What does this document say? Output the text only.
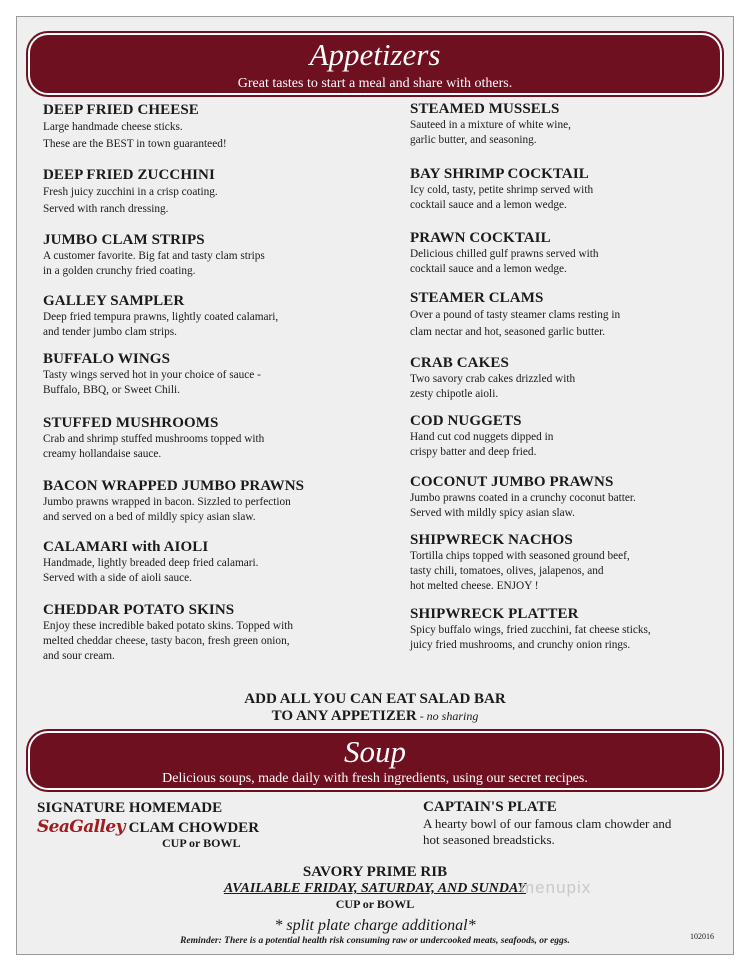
Appetizers
Great tastes to start a meal and share with others.
DEEP FRIED CHEESE
Large handmade cheese sticks.
These are the BEST in town guaranteed!
DEEP FRIED ZUCCHINI
Fresh juicy zucchini in a crisp coating.
Served with ranch dressing.
JUMBO CLAM STRIPS
A customer favorite. Big fat and tasty clam strips
in a golden crunchy fried coating.
GALLEY SAMPLER
Deep fried tempura prawns, lightly coated calamari,
and tender jumbo clam strips.
BUFFALO WINGS
Tasty wings served hot in your choice of sauce -
Buffalo, BBQ, or Sweet Chili.
STUFFED MUSHROOMS
Crab and shrimp stuffed mushrooms topped with
creamy hollandaise sauce.
BACON WRAPPED JUMBO PRAWNS
Jumbo prawns wrapped in bacon. Sizzled to perfection
and served on a bed of mildly spicy asian slaw.
CALAMARI with AIOLI
Handmade, lightly breaded deep fried calamari.
Served with a side of aioli sauce.
CHEDDAR POTATO SKINS
Enjoy these incredible baked potato skins. Topped with
melted cheddar cheese, tasty bacon, fresh green onion,
and sour cream.
STEAMED MUSSELS
Sauteed in a mixture of white wine,
garlic butter, and seasoning.
BAY SHRIMP COCKTAIL
Icy cold, tasty, petite shrimp served with
cocktail sauce and a lemon wedge.
PRAWN COCKTAIL
Delicious chilled gulf prawns served with
cocktail sauce and a lemon wedge.
STEAMER CLAMS
Over a pound of tasty steamer clams resting in
clam nectar and hot, seasoned garlic butter.
CRAB CAKES
Two savory crab cakes drizzled with
zesty chipotle aioli.
COD NUGGETS
Hand cut cod nuggets dipped in
crispy batter and deep fried.
COCONUT JUMBO PRAWNS
Jumbo prawns coated in a crunchy coconut batter.
Served with mildly spicy asian slaw.
SHIPWRECK NACHOS
Tortilla chips topped with seasoned ground beef,
tasty chili, tomatoes, olives, jalapenos, and
hot melted cheese. ENJOY !
SHIPWRECK PLATTER
Spicy buffalo wings, fried zucchini, fat cheese sticks,
juicy fried mushrooms, and crunchy onion rings.
ADD ALL YOU CAN EAT SALAD BAR
TO ANY APPETIZER - no sharing
Soup
Delicious soups, made daily with fresh ingredients, using our secret recipes.
SIGNATURE HOMEMADE
SeaGalley CLAM CHOWDER
CUP or BOWL
CAPTAIN'S PLATE
A hearty bowl of our famous clam chowder and
hot seasoned breadsticks.
SAVORY PRIME RIB
AVAILABLE FRIDAY, SATURDAY, AND SUNDAY
CUP or BOWL
menupix
* split plate charge additional*
Reminder: There is a potential health risk consuming raw or undercooked meats, seafoods, or eggs.	102016
